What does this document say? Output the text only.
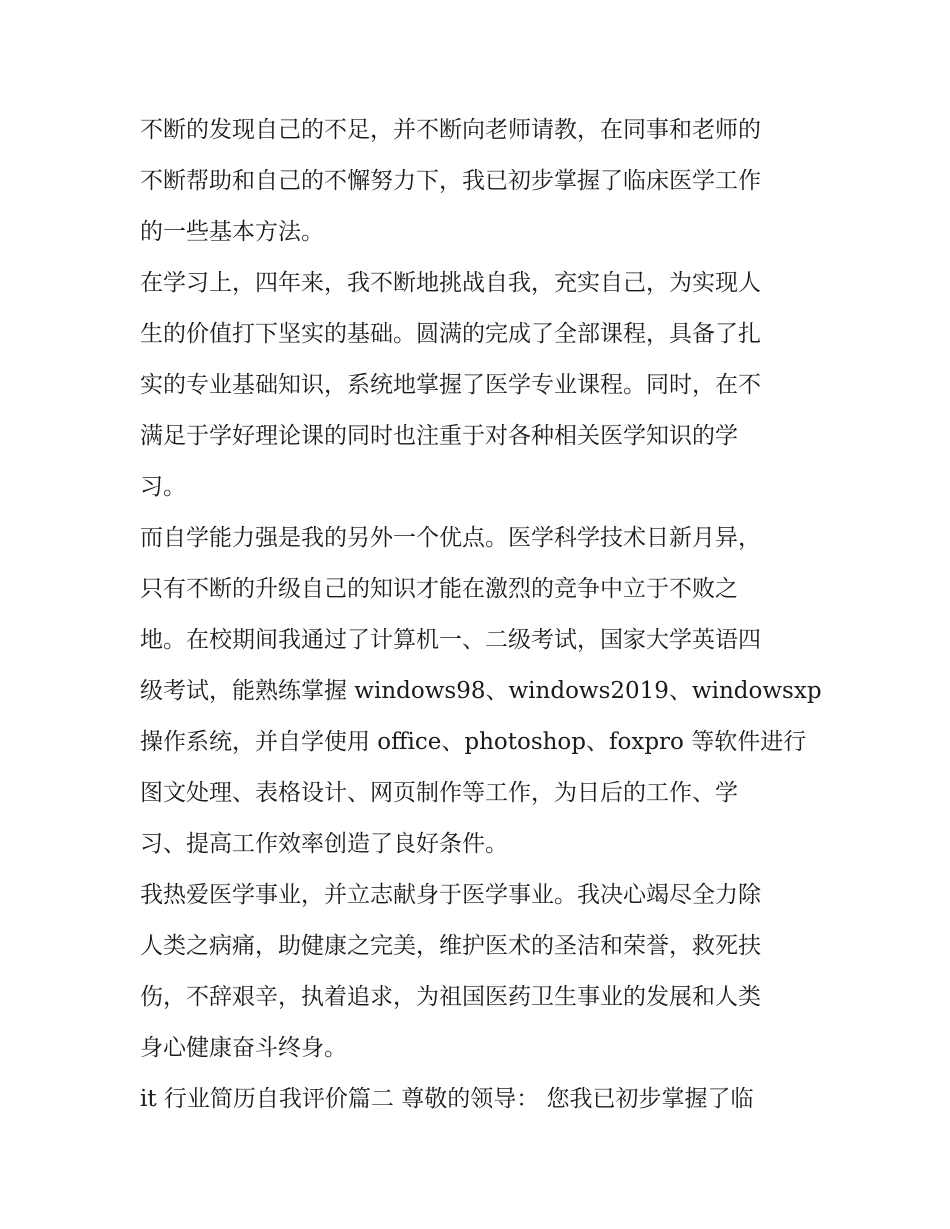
不断的发现自己的不足，并不断向老师请教，在同事和老师的
不断帮助和自己的不懈努力下，我已初步掌握了临床医学工作
的一些基本方法。

在学习上，四年来，我不断地挑战自我，充实自己，为实现人
生的价值打下坚实的基础。圆满的完成了全部课程，具备了扎
实的专业基础知识，系统地掌握了医学专业课程。同时，在不
满足于学好理论课的同时也注重于对各种相关医学知识的学
习。

而自学能力强是我的另外一个优点。医学科学技术日新月异，
只有不断的升级自己的知识才能在激烈的竞争中立于不败之
地。在校期间我通过了计算机一、二级考试，国家大学英语四
级考试，能熟练掌握 windows98、windows2019、windowsxp
操作系统，并自学使用 office、photoshop、foxpro 等软件进行
图文处理、表格设计、网页制作等工作，为日后的工作、学
习、提高工作效率创造了良好条件。

我热爱医学事业，并立志献身于医学事业。我决心竭尽全力除
人类之病痛，助健康之完美，维护医术的圣洁和荣誉，救死扶
伤，不辞艰辛，执着追求，为祖国医药卫生事业的发展和人类
身心健康奋斗终身。

it 行业简历自我评价篇二 尊敬的领导： 您我已初步掌握了临
